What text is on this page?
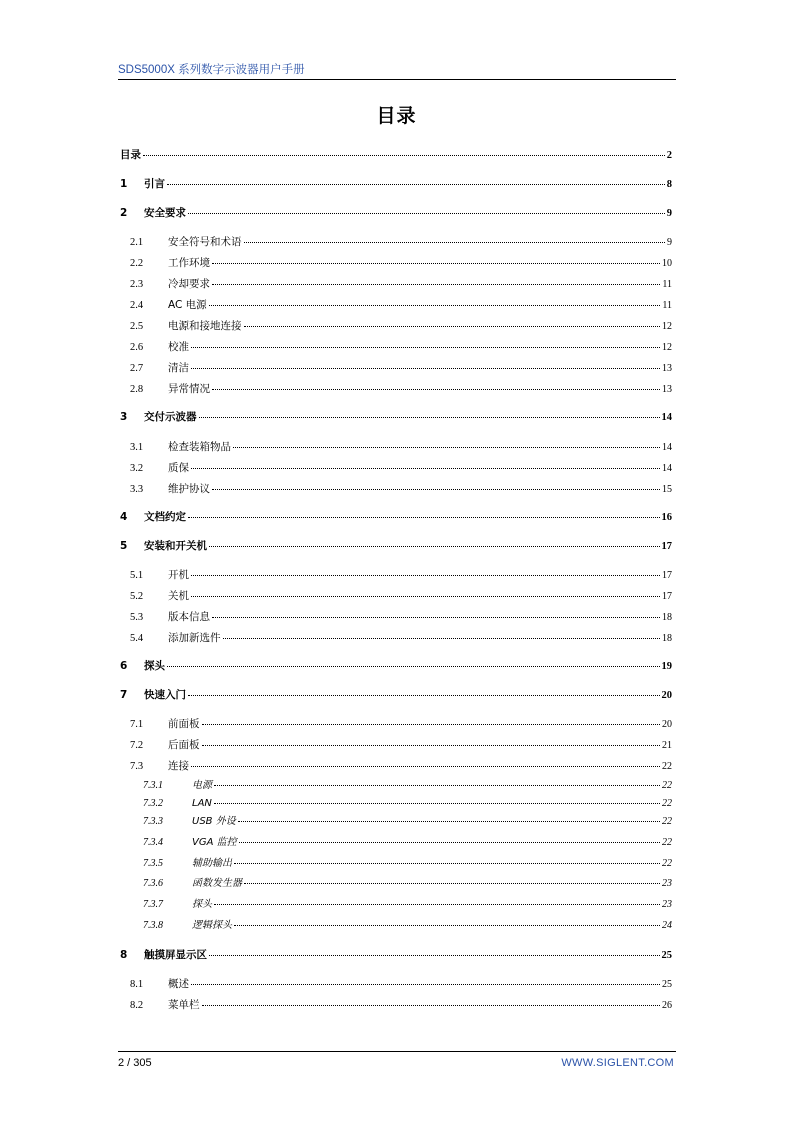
SDS5000X 系列数字示波器用户手册
目录
目录	2
1	引言	8
2	安全要求	9
2.1	安全符号和术语	9
2.2	工作环境	10
2.3	冷却要求	11
2.4	AC 电源	11
2.5	电源和接地连接	12
2.6	校准	12
2.7	清洁	13
2.8	异常情况	13
3	交付示波器	14
3.1	检查装箱物品	14
3.2	质保	14
3.3	维护协议	15
4	文档约定	16
5	安装和开关机	17
5.1	开机	17
5.2	关机	17
5.3	版本信息	18
5.4	添加新选件	18
6	探头	19
7	快速入门	20
7.1	前面板	20
7.2	后面板	21
7.3	连接	22
7.3.1	电源	22
7.3.2	LAN	22
7.3.3	USB 外设	22
7.3.4	VGA 监控	22
7.3.5	辅助输出	22
7.3.6	函数发生器	23
7.3.7	探头	23
7.3.8	逻辑探头	24
8	触摸屏显示区	25
8.1	概述	25
8.2	菜单栏	26
2 / 305	WWW.SIGLENT.COM
